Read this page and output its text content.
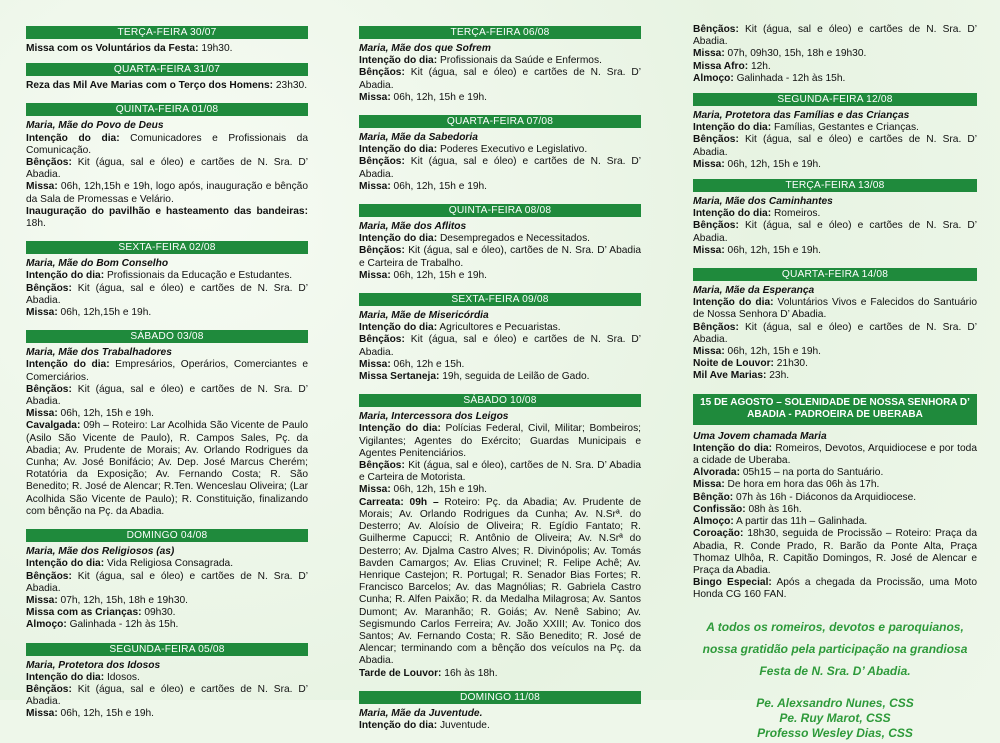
TERÇA-FEIRA 30/07
Missa com os Voluntários da Festa: 19h30.
QUARTA-FEIRA 31/07
Reza das Mil Ave Marias com o Terço dos Homens: 23h30.
QUINTA-FEIRA 01/08
Maria, Mãe do Povo de Deus
Intenção do dia: Comunicadores e Profissionais da Comunicação.
Bênçãos: Kit (água, sal e óleo) e cartões de N. Sra. D’ Abadia.
Missa: 06h, 12h,15h e 19h, logo após, inauguração e bênção da Sala de Promessas e Velário.
Inauguração do pavilhão e hasteamento das bandeiras: 18h.
SEXTA-FEIRA 02/08
Maria, Mãe do Bom Conselho
Intenção do dia: Profissionais da Educação e Estudantes.
Bênçãos: Kit (água, sal e óleo) e cartões de N. Sra. D’ Abadia.
Missa: 06h, 12h,15h e 19h.
SÁBADO 03/08
Maria, Mãe dos Trabalhadores
Intenção do dia: Empresários, Operários, Comerciantes e Comerciários.
Bênçãos: Kit (água, sal e óleo) e cartões de N. Sra. D’ Abadia.
Missa: 06h, 12h, 15h e 19h.
Cavalgada: 09h – Roteiro: Lar Acolhida São Vicente de Paulo (Asilo São Vicente de Paulo), R. Campos Sales, Pç. da Abadia; Av. Prudente de Morais; Av. Orlando Rodrigues da Cunha; Av. José Bonifácio; Av. Dep. José Marcus Cherém; Rotatória da Exposição; Av. Fernando Costa; R. São Benedito; R. José de Alencar; R.Ten. Wenceslau Oliveira; (Lar Acolhida São Vicente de Paulo); R. Constituição, finalizando com bênção na Pç. da Abadia.
DOMINGO 04/08
Maria, Mãe dos Religiosos (as)
Intenção do dia: Vida Religiosa Consagrada.
Bênçãos: Kit (água, sal e óleo) e cartões de N. Sra. D’ Abadia.
Missa: 07h, 12h, 15h, 18h e 19h30.
Missa com as Crianças: 09h30.
Almoço: Galinhada - 12h às 15h.
SEGUNDA-FEIRA 05/08
Maria, Protetora dos Idosos
Intenção do dia: Idosos.
Bênçãos: Kit (água, sal e óleo) e cartões de N. Sra. D’ Abadia.
Missa: 06h, 12h, 15h e 19h.
TERÇA-FEIRA 06/08
Maria, Mãe dos que Sofrem
Intenção do dia: Profissionais da Saúde e Enfermos.
Bênçãos: Kit (água, sal e óleo) e cartões de N. Sra. D’ Abadia.
Missa: 06h, 12h, 15h e 19h.
QUARTA-FEIRA 07/08
Maria, Mãe da Sabedoria
Intenção do dia: Poderes Executivo e Legislativo.
Bênçãos: Kit (água, sal e óleo) e cartões de N. Sra. D’ Abadia.
Missa: 06h, 12h, 15h e 19h.
QUINTA-FEIRA 08/08
Maria, Mãe dos Aflitos
Intenção do dia: Desempregados e Necessitados.
Bênçãos: Kit (água, sal e óleo), cartões de N. Sra. D’ Abadia e Carteira de Trabalho.
Missa: 06h, 12h, 15h e 19h.
SEXTA-FEIRA 09/08
Maria, Mãe de Misericórdia
Intenção do dia: Agricultores e Pecuaristas.
Bênçãos: Kit (água, sal e óleo) e cartões de N. Sra. D’ Abadia.
Missa: 06h, 12h e 15h.
Missa Sertaneja: 19h, seguida de Leilão de Gado.
SÁBADO 10/08
Maria, Intercessora dos Leigos
Intenção do dia: Polícias Federal, Civil, Militar; Bombeiros; Vigilantes; Agentes do Exército; Guardas Municipais e Agentes Penitenciários.
Bênçãos: Kit (água, sal e óleo), cartões de N. Sra. D’ Abadia e Carteira de Motorista.
Missa: 06h, 12h, 15h e 19h.
Carreata: 09h – Roteiro: Pç. da Abadia; Av. Prudente de Morais; Av. Orlando Rodrigues da Cunha; Av. N.Srª. do Desterro; Av. Aloísio de Oliveira; R. Egídio Fantato; R. Guilherme Capucci; R. Antônio de Oliveira; Av. N.Srª do Desterro; Av. Djalma Castro Alves; R. Divinópolis; Av. Tomás Bavden Camargos; Av. Elias Cruvinel; R. Felipe Achê; Av. Henrique Castejon; R. Portugal; R. Senador Bias Fortes; R. Francisco Barcelos; Av. das Magnólias; R. Gabriela Castro Cunha; R. Alfen Paixão; R. da Medalha Milagrosa; Av. Santos Dumont; Av. Maranhão; R. Goiás; Av. Nenê Sabino; Av. Segismundo Carlos Ferreira; Av. João XXIII; Av. Tonico dos Santos; Av. Fernando Costa; R. São Benedito; R. José de Alencar; terminando com a bênção dos veículos na Pç. da Abadia.
Tarde de Louvor: 16h às 18h.
DOMINGO 11/08
Maria, Mãe da Juventude.
Intenção do dia: Juventude.
Bênçãos: Kit (água, sal e óleo) e cartões de N. Sra. D’ Abadia.
Missa: 07h, 09h30, 15h, 18h e 19h30.
Missa Afro: 12h.
Almoço: Galinhada - 12h às 15h.
SEGUNDA-FEIRA 12/08
Maria, Protetora das Famílias e das Crianças
Intenção do dia: Famílias, Gestantes e Crianças.
Bênçãos: Kit (água, sal e óleo) e cartões de N. Sra. D’ Abadia.
Missa: 06h, 12h, 15h e 19h.
TERÇA-FEIRA 13/08
Maria, Mãe dos Caminhantes
Intenção do dia: Romeiros.
Bênçãos: Kit (água, sal e óleo) e cartões de N. Sra. D’ Abadia.
Missa: 06h, 12h, 15h e 19h.
QUARTA-FEIRA 14/08
Maria, Mãe da Esperança
Intenção do dia: Voluntários Vivos e Falecidos do Santuário de Nossa Senhora D’ Abadia.
Bênçãos: Kit (água, sal e óleo) e cartões de N. Sra. D’ Abadia.
Missa: 06h, 12h, 15h e 19h.
Noite de Louvor: 21h30.
Mil Ave Marias: 23h.
15 DE AGOSTO – SOLENIDADE DE NOSSA SENHORA D’ ABADIA - PADROEIRA DE UBERABA
Uma Jovem chamada Maria
Intenção do dia: Romeiros, Devotos, Arquidiocese e por toda a cidade de Uberaba.
Alvorada: 05h15 – na porta do Santuário.
Missa: De hora em hora das 06h às 17h.
Bênção: 07h às 16h - Diáconos da Arquidiocese.
Confissão: 08h às 16h.
Almoço: A partir das 11h – Galinhada.
Coroação: 18h30, seguida de Procissão – Roteiro: Praça da Abadia, R. Conde Prado, R. Barão da Ponte Alta, Praça Thomaz Ulhôa, R. Capitão Domingos, R. José de Alencar e Praça da Abadia.
Bingo Especial: Após a chegada da Procissão, uma Moto Honda CG 160 FAN.
A todos os romeiros, devotos e paroquianos,
nossa gratidão pela participação na grandiosa
Festa de N. Sra. D’ Abadia.
Pe. Alexsandro Nunes, CSS
Pe. Ruy Marot, CSS
Professo Wesley Dias, CSS
